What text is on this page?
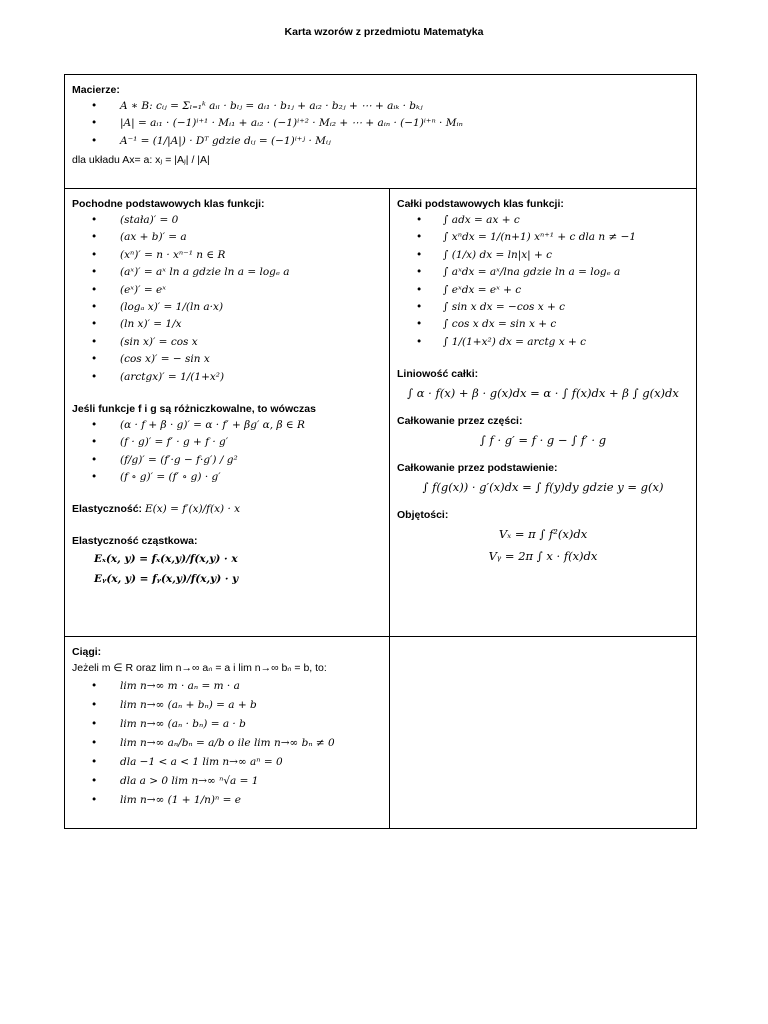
Karta wzorów z przedmiotu Matematyka
Macierze:
• A ∗ B: cᵢⱼ = Σₗ₌₁ᵏ aᵢₗ · bₗⱼ = aᵢ₁ · b₁ⱼ + aᵢ₂ · b₂ⱼ + ⋯ + aᵢₖ · bₖⱼ
• |A| = aᵢ₁ · (−1)ⁱ⁺¹ · Mᵢ₁ + aᵢ₂ · (−1)ⁱ⁺² · Mᵢ₂ + ⋯ + aᵢₙ · (−1)ⁱ⁺ⁿ · Mᵢₙ
• A⁻¹ = (1/|A|) · Dᵀ gdzie dᵢⱼ = (−1)ⁱ⁺ʲ · Mᵢⱼ
dla układu Ax= a: xⱼ = |Aⱼ| / |A|
Pochodne podstawowych klas funkcji:
• (stała)′ = 0
• (ax + b)′ = a
• (xⁿ)′ = n · xⁿ⁻¹ n ∈ R
• (aˣ)′ = aˣ ln a gdzie ln a = logₑ a
• (eˣ)′ = eˣ
• (logₐ x)′ = 1/(ln a·x)
• (ln x)′ = 1/x
• (sin x)′ = cos x
• (cos x)′ = − sin x
• (arctgx)′ = 1/(1+x²)
Jeśli funkcje f i g są różniczkowalne, to wówczas
• (α · f + β · g)′ = α · f′ + βg′ α, β ∈ R
• (f · g)′ = f′ · g + f · g′
• (f/g)′ = (f′·g − f·g′) / g²
• (f ∘ g)′ = (f′ ∘ g) · g′
Elastyczność: E(x) = f′(x)/f(x) · x
Elastyczność cząstkowa:
Eₓ(x, y) = fₓ(x,y)/f(x,y) · x
Eᵧ(x, y) = fᵧ(x,y)/f(x,y) · y
Całki podstawowych klas funkcji:
• ∫ adx = ax + c
• ∫ xⁿdx = 1/(n+1) xⁿ⁺¹ + c dla n ≠ −1
• ∫ (1/x) dx = ln|x| + c
• ∫ aˣdx = aˣ/lna gdzie ln a = logₑ a
• ∫ eˣdx = eˣ + c
• ∫ sin x dx = −cos x + c
• ∫ cos x dx = sin x + c
• ∫ 1/(1+x²) dx = arctg x + c
Liniowość całki:
∫ α · f(x) + β · g(x)dx = α · ∫ f(x)dx + β ∫ g(x)dx
Całkowanie przez części:
∫ f · g′ = f · g − ∫ f′ · g
Całkowanie przez podstawienie:
∫ f(g(x)) · g′(x)dx = ∫ f(y)dy gdzie y = g(x)
Objętości:
Vₓ = π ∫ f²(x)dx
Vᵧ = 2π ∫ x · f(x)dx
Ciągi:
Jeżeli m ∈ R oraz lim n→∞ aₙ = a i lim n→∞ bₙ = b, to:
• lim n→∞ m · aₙ = m · a
• lim n→∞ (aₙ + bₙ) = a + b
• lim n→∞ (aₙ · bₙ) = a · b
• lim n→∞ aₙ/bₙ = a/b o ile lim n→∞ bₙ ≠ 0
• dla −1 < a < 1 lim n→∞ aⁿ = 0
• dla a > 0 lim n→∞ ⁿ√a = 1
• lim n→∞ (1 + 1/n)ⁿ = e
